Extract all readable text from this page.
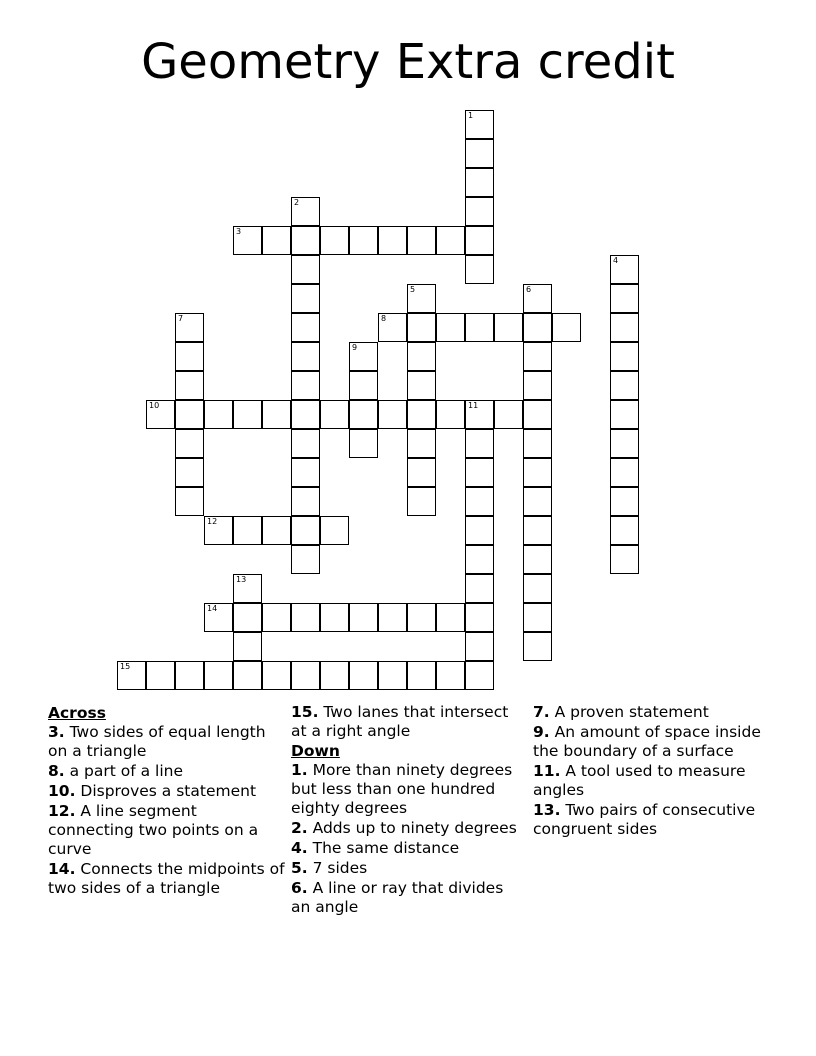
Geometry Extra credit
1
2
3
4
5	6
7	8
9
10	11
12
13
14
15
Across
3. Two sides of equal length on a triangle
8. a part of a line
10. Disproves a statement
12. A line segment connecting two points on a curve
14. Connects the midpoints of two sides of a triangle
15. Two lanes that intersect at a right angle
Down
1. More than ninety degrees but less than one hundred eighty degrees
2. Adds up to ninety degrees
4. The same distance
5. 7 sides
6. A line or ray that divides an angle
7. A proven statement
9. An amount of space inside the boundary of a surface
11. A tool used to measure angles
13. Two pairs of consecutive congruent sides
